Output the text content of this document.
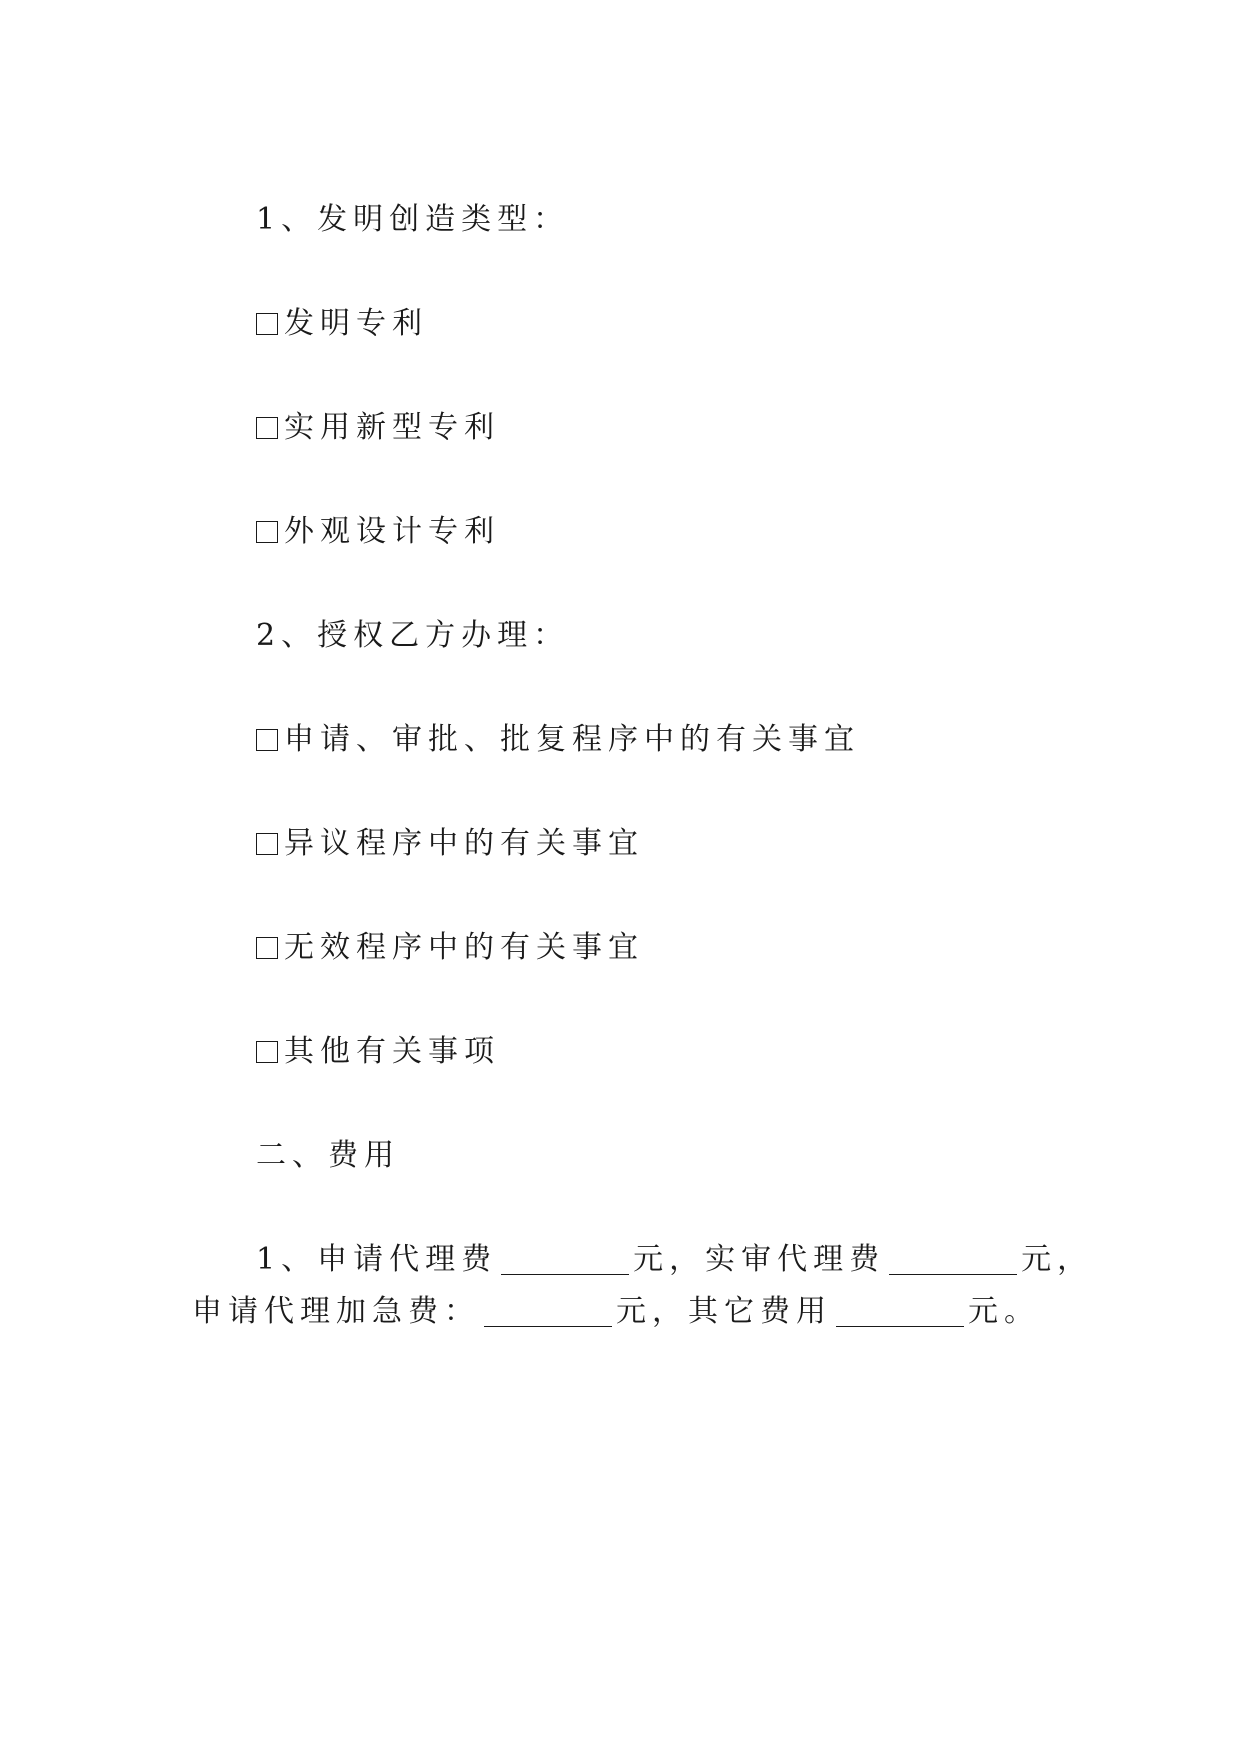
1、发明创造类型：
发明专利
实用新型专利
外观设计专利
2、授权乙方办理：
申请、审批、批复程序中的有关事宜
异议程序中的有关事宜
无效程序中的有关事宜
其他有关事项
二、费用
1、申请代理费	元，实审代理费	元，
申请代理加急费：	元，其它费用	元。
